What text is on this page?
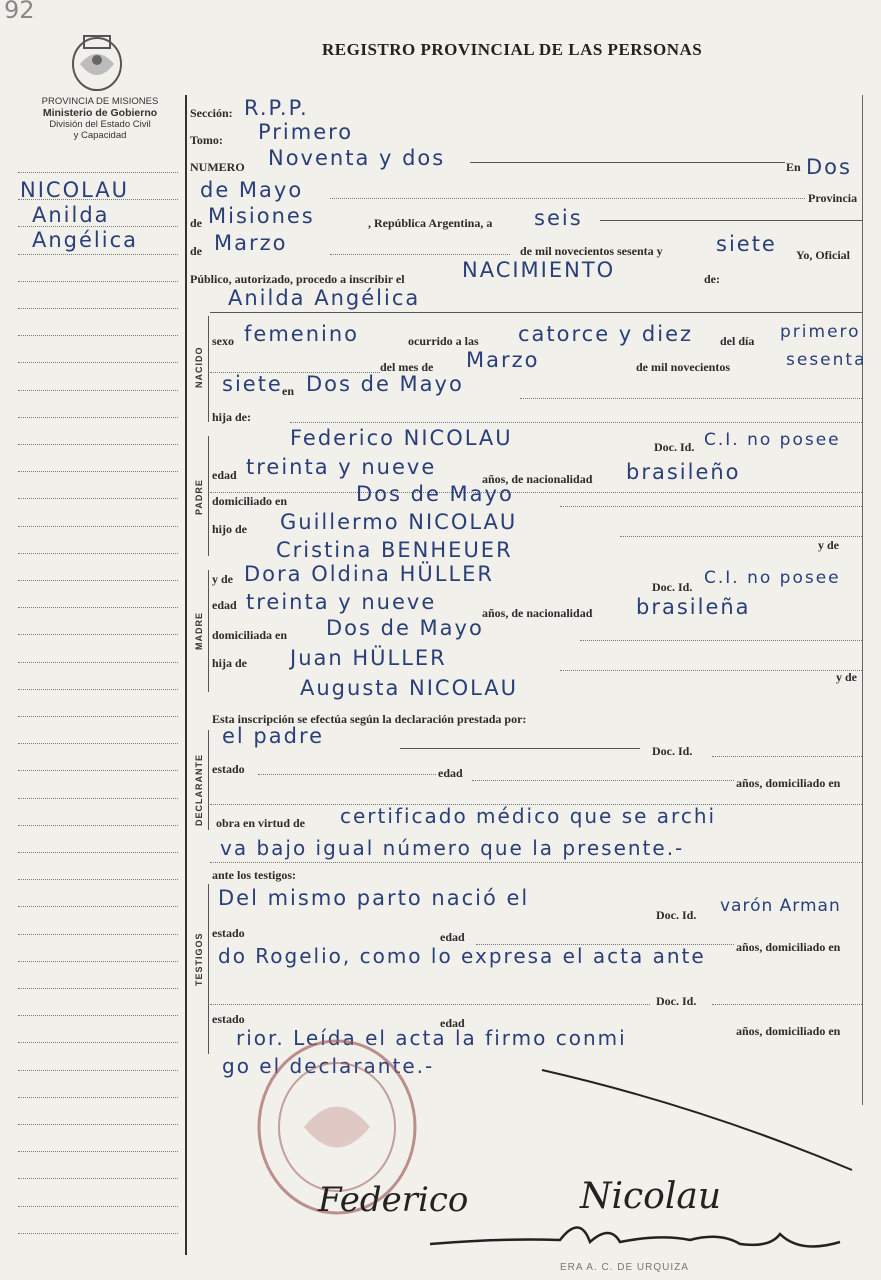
92
PROVINCIA DE MISIONES
Ministerio de Gobierno
División del Estado Civil
y Capacidad
REGISTRO PROVINCIAL DE LAS PERSONAS
NICOLAU
Anilda
Angélica
Sección: R.P.P.
Tomo: Primero
NUMERO Noventa y dos	En Dos
de Mayo	Provincia
de Misiones	, República Argentina, a seis
de Marzo	de mil novecientos sesenta y	siete Yo, Oficial
Público, autorizado, procedo a inscribir el	NACIMIENTO	de:
NACIDO
Anilda Angélica
sexo femenino	ocurrido a las catorce y diez del día primero
del mes de Marzo	de mil novecientos	sesenta
siete en Dos de Mayo
hija de:
PADRE
Federico NICOLAU	Doc. Id. C.I. no posee
edad treinta y nueve	años, de nacionalidad brasileño
domiciliado en	Dos de Mayo
hijo de Guillermo NICOLAU
Cristina BENHEUER	y de
MADRE
y de Dora Oldina HÜLLER
Doc. Id. C.I. no posee
edad treinta y nueve	años, de nacionalidad brasileña
domiciliada en Dos de Mayo
hija de Juan HÜLLER
Augusta NICOLAU	y de
Esta inscripción se efectúa según la declaración prestada por:
DECLARANTE
el padre
Doc. Id.
estado	edad
años, domiciliado en
obra en virtud de certificado médico que se archi
va bajo igual número que la presente.-
ante los testigos:
TESTIGOS
Del mismo parto nació el
Doc. Id. varón Arman
estado	edad
años, domiciliado en
do Rogelio, como lo expresa el acta ante
Doc. Id.
estado	edad
años, domiciliado en
rior. Leída el acta la firmo conmi
go el declarante.-
Federico	Nicolau
ERA A. C. DE URQUIZA
